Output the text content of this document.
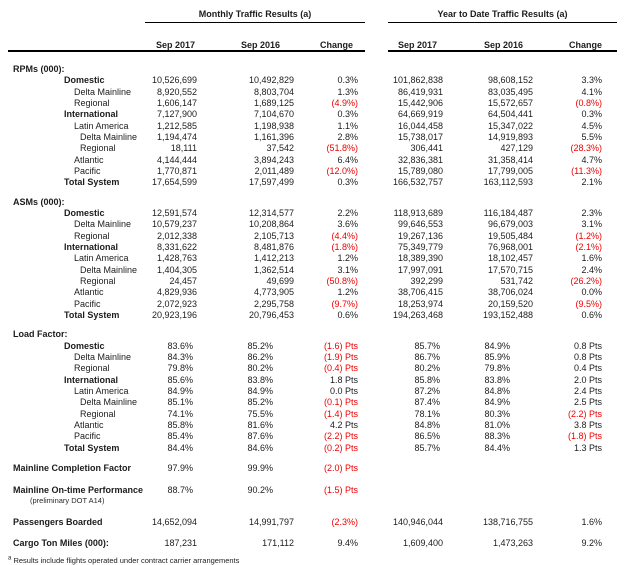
Monthly Traffic Results (a)	Year to Date Traffic Results (a)
Sep 2017	Sep 2016	Change	Sep 2017	Sep 2016	Change
RPMs (000):
Domestic	10,526,699	10,492,829	0.3%	101,862,838	98,608,152	3.3%
Delta Mainline	8,920,552	8,803,704	1.3%	86,419,931	83,035,495	4.1%
Regional	1,606,147	1,689,125	(4.9%)	15,442,906	15,572,657	(0.8%)
International	7,127,900	7,104,670	0.3%	64,669,919	64,504,441	0.3%
Latin America	1,212,585	1,198,938	1.1%	16,044,458	15,347,022	4.5%
Delta Mainline	1,194,474	1,161,396	2.8%	15,738,017	14,919,893	5.5%
Regional	18,111	37,542	(51.8%)	306,441	427,129	(28.3%)
Atlantic	4,144,444	3,894,243	6.4%	32,836,381	31,358,414	4.7%
Pacific	1,770,871	2,011,489	(12.0%)	15,789,080	17,799,005	(11.3%)
Total System	17,654,599	17,597,499	0.3%	166,532,757	163,112,593	2.1%
ASMs (000):
Domestic	12,591,574	12,314,577	2.2%	118,913,689	116,184,487	2.3%
Delta Mainline	10,579,237	10,208,864	3.6%	99,646,553	96,679,003	3.1%
Regional	2,012,338	2,105,713	(4.4%)	19,267,136	19,505,484	(1.2%)
International	8,331,622	8,481,876	(1.8%)	75,349,779	76,968,001	(2.1%)
Latin America	1,428,763	1,412,213	1.2%	18,389,390	18,102,457	1.6%
Delta Mainline	1,404,305	1,362,514	3.1%	17,997,091	17,570,715	2.4%
Regional	24,457	49,699	(50.8%)	392,299	531,742	(26.2%)
Atlantic	4,829,936	4,773,905	1.2%	38,706,415	38,706,024	0.0%
Pacific	2,072,923	2,295,758	(9.7%)	18,253,974	20,159,520	(9.5%)
Total System	20,923,196	20,796,453	0.6%	194,263,468	193,152,488	0.6%
Load Factor:
Domestic	83.6%	85.2%	(1.6) Pts	85.7%	84.9%	0.8 Pts
Delta Mainline	84.3%	86.2%	(1.9) Pts	86.7%	85.9%	0.8 Pts
Regional	79.8%	80.2%	(0.4) Pts	80.2%	79.8%	0.4 Pts
International	85.6%	83.8%	1.8 Pts	85.8%	83.8%	2.0 Pts
Latin America	84.9%	84.9%	0.0 Pts	87.2%	84.8%	2.4 Pts
Delta Mainline	85.1%	85.2%	(0.1) Pts	87.4%	84.9%	2.5 Pts
Regional	74.1%	75.5%	(1.4) Pts	78.1%	80.3%	(2.2) Pts
Atlantic	85.8%	81.6%	4.2 Pts	84.8%	81.0%	3.8 Pts
Pacific	85.4%	87.6%	(2.2) Pts	86.5%	88.3%	(1.8) Pts
Total System	84.4%	84.6%	(0.2) Pts	85.7%	84.4%	1.3 Pts
Mainline Completion Factor	97.9%	99.9%	(2.0) Pts
Mainline On-time Performance	88.7%	90.2%	(1.5) Pts
(preliminary DOT A14)
Passengers Boarded	14,652,094	14,991,797	(2.3%)	140,946,044	138,716,755	1.6%
Cargo Ton Miles (000):	187,231	171,112	9.4%	1,609,400	1,473,263	9.2%
$^a$ Results include flights operated under contract carrier arrangements
